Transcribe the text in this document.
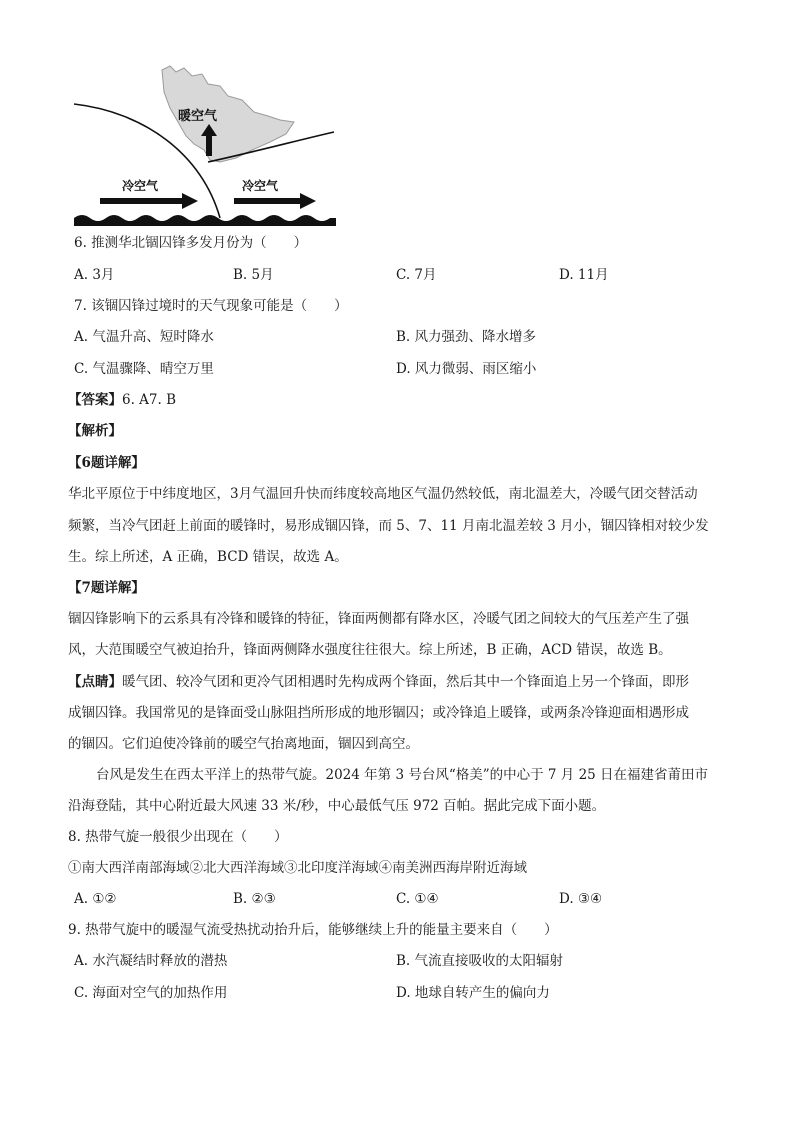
暖空气
冷空气	冷空气
6. 推测华北锢囚锋多发月份为（　　）
A. 3月	B. 5月	C. 7月	D. 11月
7. 该锢囚锋过境时的天气现象可能是（　　）
A. 气温升高、短时降水	B. 风力强劲、降水增多
C. 气温骤降、晴空万里	D. 风力微弱、雨区缩小
【答案】6. A7. B
【解析】
【6题详解】
华北平原位于中纬度地区，3月气温回升快而纬度较高地区气温仍然较低，南北温差大，冷暖气团交替活动
频繁，当冷气团赶上前面的暖锋时，易形成锢囚锋，而 5、7、11 月南北温差较 3 月小，锢囚锋相对较少发
生。综上所述，A 正确，BCD 错误，故选 A。
【7题详解】
锢囚锋影响下的云系具有冷锋和暖锋的特征，锋面两侧都有降水区，冷暖气团之间较大的气压差产生了强
风，大范围暖空气被迫抬升，锋面两侧降水强度往往很大。综上所述，B 正确，ACD 错误，故选 B。
【点睛】暖气团、较冷气团和更冷气团相遇时先构成两个锋面，然后其中一个锋面追上另一个锋面，即形
成锢囚锋。我国常见的是锋面受山脉阻挡所形成的地形锢囚；或冷锋追上暖锋，或两条冷锋迎面相遇形成
的锢囚。它们迫使冷锋前的暖空气抬离地面，锢囚到高空。
台风是发生在西太平洋上的热带气旋。2024 年第 3 号台风“格美”的中心于 7 月 25 日在福建省莆田市
沿海登陆，其中心附近最大风速 33 米/秒，中心最低气压 972 百帕。据此完成下面小题。
8. 热带气旋一般很少出现在（　　）
①南大西洋南部海域②北大西洋海域③北印度洋海域④南美洲西海岸附近海域
A. ①②	B. ②③	C. ①④	D. ③④
9. 热带气旋中的暖湿气流受热扰动抬升后，能够继续上升的能量主要来自（　　）
A. 水汽凝结时释放的潜热	B. 气流直接吸收的太阳辐射
C. 海面对空气的加热作用	D. 地球自转产生的偏向力
